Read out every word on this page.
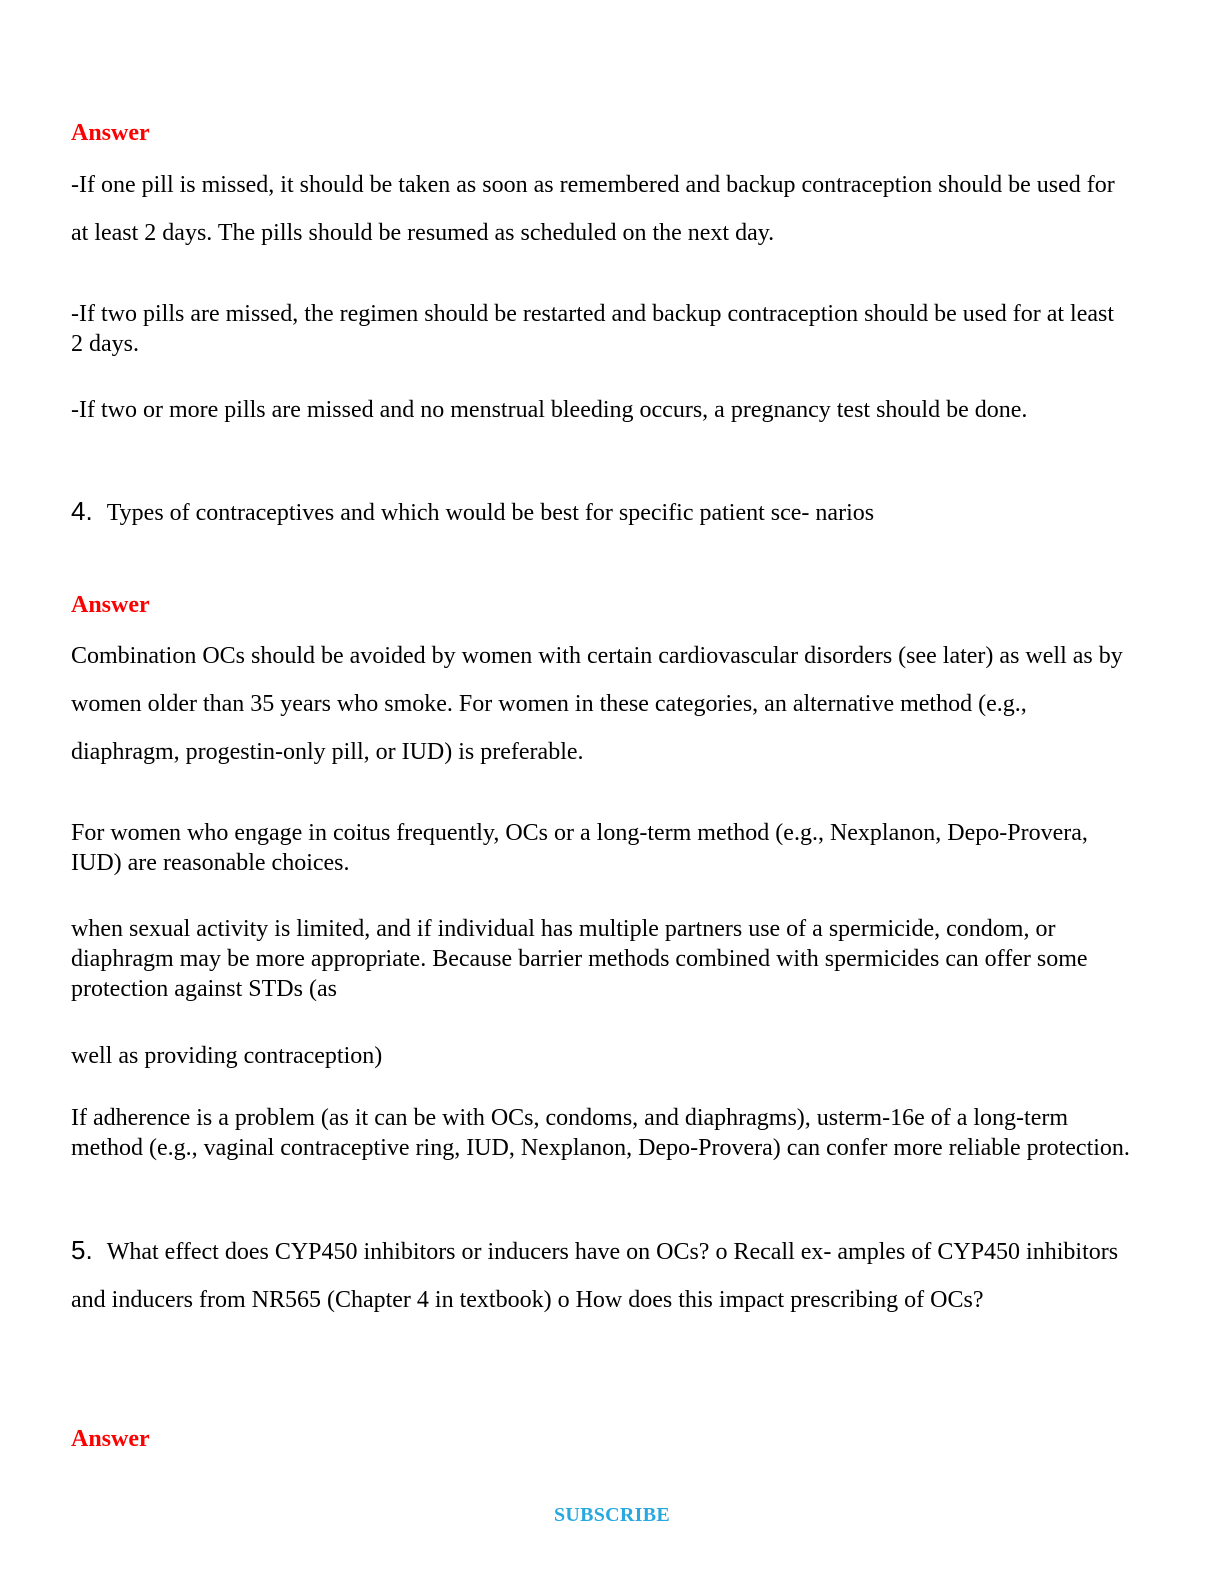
Answer

-If one pill is missed, it should be taken as soon as remembered and backup contraception should be used for at least 2 days. The pills should be resumed as scheduled on the next day.

-If two pills are missed, the regimen should be restarted and backup contraception should be used for at least 2 days.

-If two or more pills are missed and no menstrual bleeding occurs, a pregnancy test should be done.

4. Types of contraceptives and which would be best for specific patient sce- narios

Answer

Combination OCs should be avoided by women with certain cardiovascular disorders (see later) as well as by women older than 35 years who smoke. For women in these categories, an alternative method (e.g., diaphragm, progestin-only pill, or IUD) is preferable.

For women who engage in coitus frequently, OCs or a long-term method (e.g., Nexplanon, Depo-Provera, IUD) are reasonable choices.

when sexual activity is limited, and if individual has multiple partners use of a spermicide, condom, or diaphragm may be more appropriate. Because barrier methods combined with spermicides can offer some protection against STDs (as

well as providing contraception)

If adherence is a problem (as it can be with OCs, condoms, and diaphragms), usterm-16e of a long-term method (e.g., vaginal contraceptive ring, IUD, Nexplanon, Depo-Provera) can confer more reliable protection.

5. What effect does CYP450 inhibitors or inducers have on OCs? o Recall ex- amples of CYP450 inhibitors and inducers from NR565 (Chapter 4 in textbook) o How does this impact prescribing of OCs?

Answer
SUBSCRIBE
